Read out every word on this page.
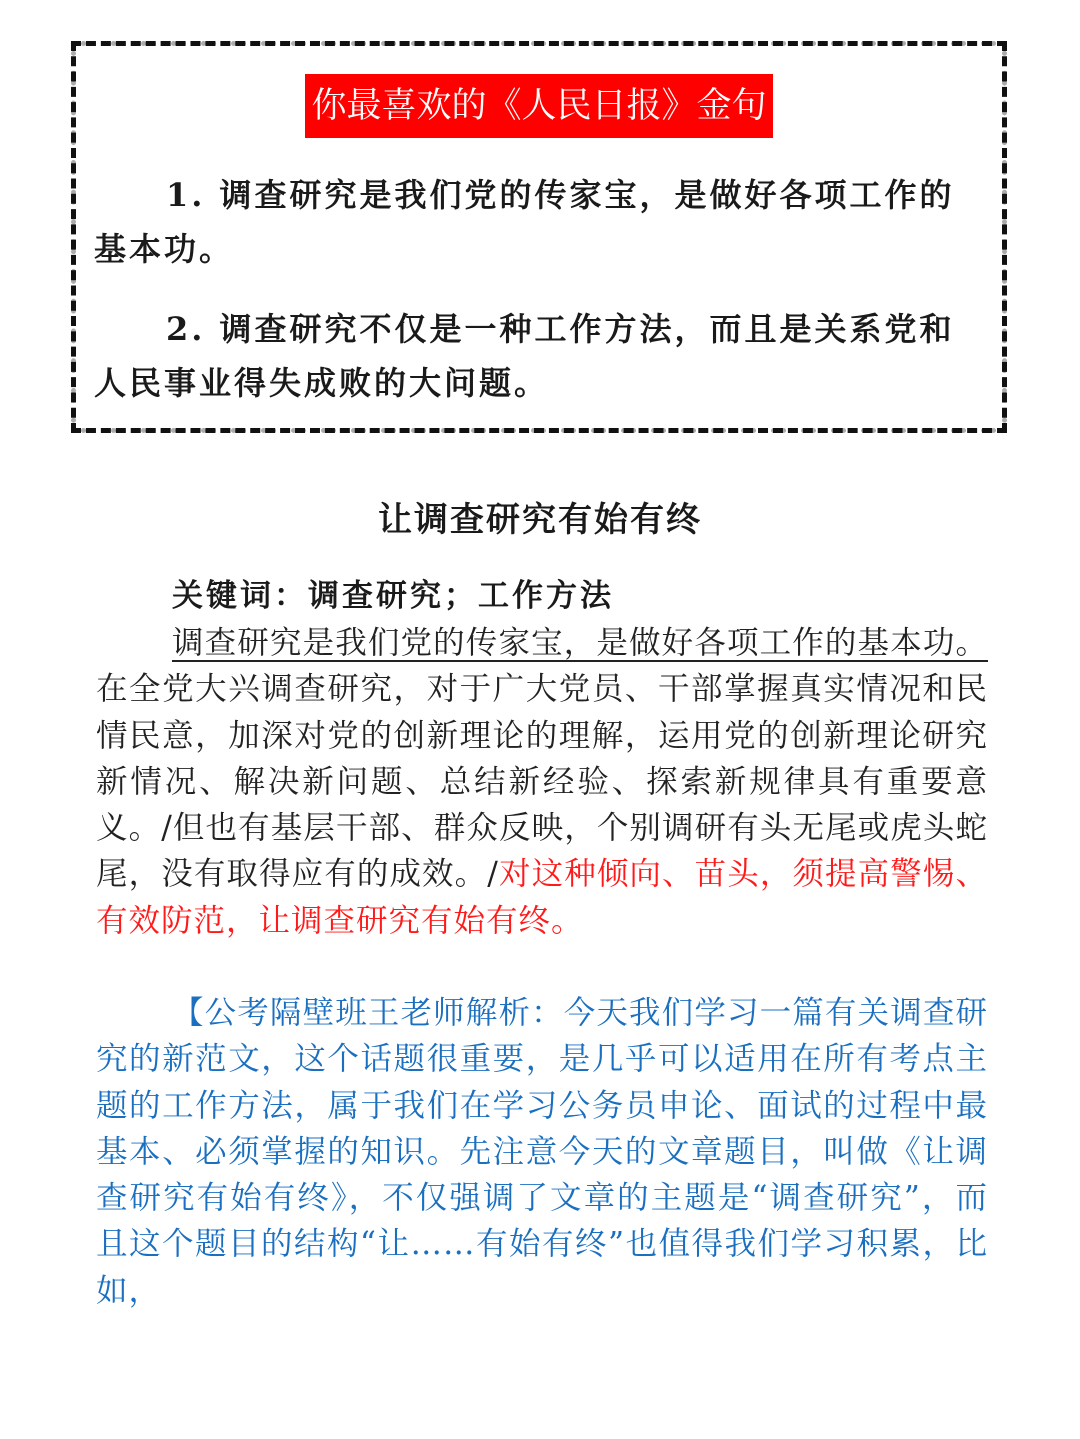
你最喜欢的《人民日报》金句

1. 调查研究是我们党的传家宝，是做好各项工作的基本功。

2. 调查研究不仅是一种工作方法，而且是关系党和人民事业得失成败的大问题。

让调查研究有始有终

关键词：调查研究；工作方法

调查研究是我们党的传家宝，是做好各项工作的基本功。在全党大兴调查研究，对于广大党员、干部掌握真实情况和民情民意，加深对党的创新理论的理解，运用党的创新理论研究新情况、解决新问题、总结新经验、探索新规律具有重要意义。/但也有基层干部、群众反映，个别调研有头无尾或虎头蛇尾，没有取得应有的成效。/对这种倾向、苗头，须提高警惕、有效防范，让调查研究有始有终。

【公考隔壁班王老师解析：今天我们学习一篇有关调查研究的新范文，这个话题很重要，是几乎可以适用在所有考点主题的工作方法，属于我们在学习公务员申论、面试的过程中最基本、必须掌握的知识。先注意今天的文章题目，叫做《让调查研究有始有终》，不仅强调了文章的主题是“调查研究”，而且这个题目的结构“让……有始有终”也值得我们学习积累，比如，
